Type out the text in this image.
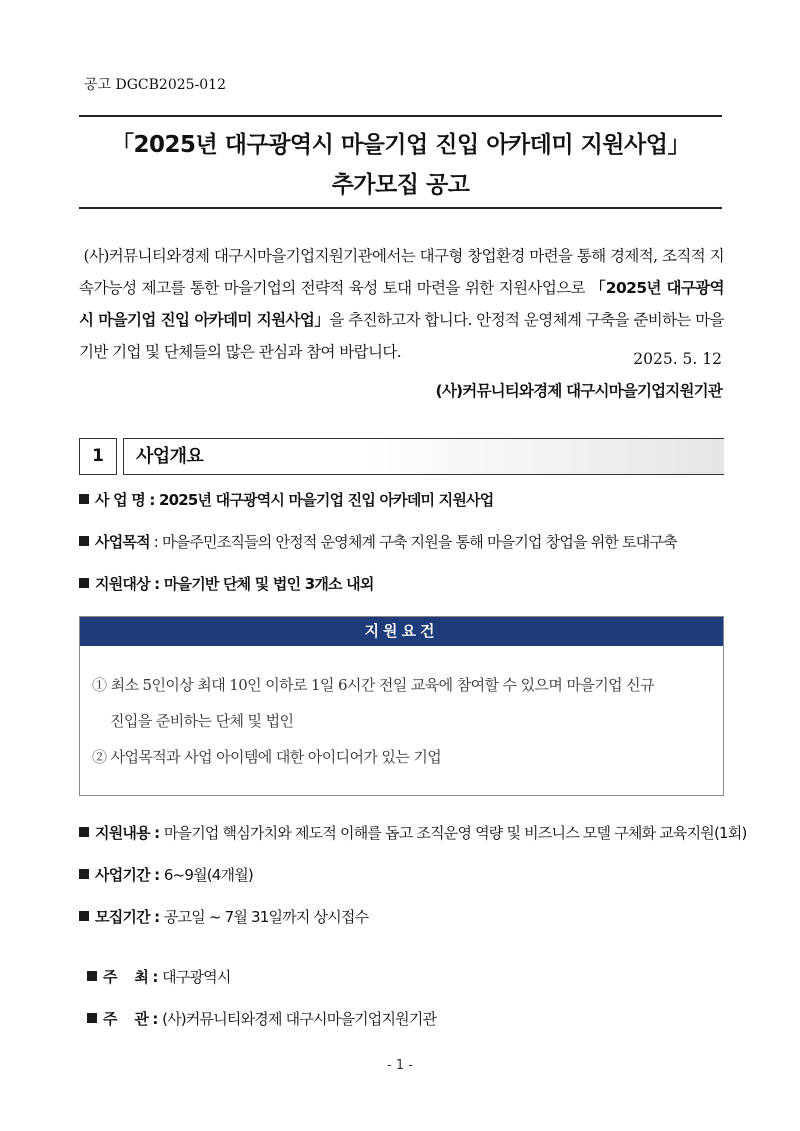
공고 DGCB2025-012
「2025년 대구광역시 마을기업 진입 아카데미 지원사업」
추가모집 공고
(사)커뮤니티와경제 대구시마을기업지원기관에서는 대구형 창업환경 마련을 통해 경제적, 조직적 지속가능성 제고를 통한 마을기업의 전략적 육성 토대 마련을 위한 지원사업으로 「2025년 대구광역시 마을기업 진입 아카데미 지원사업」을 추진하고자 합니다. 안정적 운영체계 구축을 준비하는 마을기반 기업 및 단체들의 많은 관심과 참여 바랍니다.	2025. 5. 12
(사)커뮤니티와경제 대구시마을기업지원기관
1	사업개요
사 업 명 : 2025년 대구광역시 마을기업 진입 아카데미 지원사업
사업목적 : 마을주민조직들의 안정적 운영체계 구축 지원을 통해 마을기업 창업을 위한 토대구축
지원대상 : 마을기반 단체 및 법인 3개소 내외
지원요건
① 최소 5인이상 최대 10인 이하로 1일 6시간 전일 교육에 참여할 수 있으며 마을기업 신규
진입을 준비하는 단체 및 법인
② 사업목적과 사업 아이템에 대한 아이디어가 있는 기업
지원내용 : 마을기업 핵심가치와 제도적 이해를 돕고 조직운영 역량 및 비즈니스 모델 구체화 교육지원(1회)
사업기간 : 6~9월(4개월)
모집기간 : 공고일 ~ 7월 31일까지 상시접수

주    최 : 대구광역시

주    관 : (사)커뮤니티와경제 대구시마을기업지원기관

- 1 -
